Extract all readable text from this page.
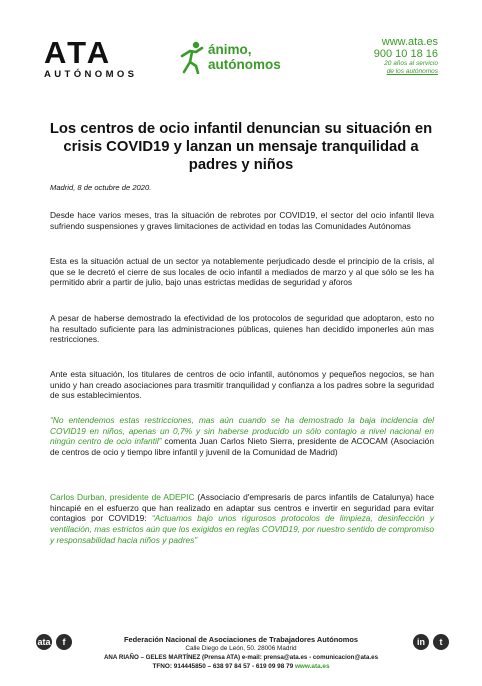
ATA
AUTÓNOMOS
ánimo,
autónomos
www.ata.es
900 10 18 16
20 años al servicio
de los autónomos
Los centros de ocio infantil denuncian su situación en crisis COVID19 y lanzan un mensaje tranquilidad a padres y niños
Madrid, 8 de octubre de 2020.
Desde hace varios meses, tras la situación de rebrotes por COVID19, el sector del ocio infantil lleva sufriendo suspensiones y graves limitaciones de actividad en todas las Comunidades Autónomas
Esta es la situación actual de un sector ya notablemente perjudicado desde el principio de la crisis, al que se le decretó el cierre de sus locales de ocio infantil a mediados de marzo y al que sólo se les ha permitido abrir a partir de julio, bajo unas estrictas medidas de seguridad y aforos
A pesar de haberse demostrado la efectividad de los protocolos de seguridad que adoptaron, esto no ha resultado suficiente para las administraciones públicas, quienes han decidido imponerles aún mas restricciones.
Ante esta situación, los titulares de centros de ocio infantil, autónomos y pequeños negocios, se han unido y han creado asociaciones para trasmitir tranquilidad y confianza a los padres sobre la seguridad de sus establecimientos.
“No entendemos estas restricciones, mas aún cuando se ha demostrado la baja incidencia del COVID19 en niños, apenas un 0,7% y sin haberse producido un sólo contagio a nivel nacional en ningún centro de ocio infantil” comenta Juan Carlos Nieto Sierra, presidente de ACOCAM (Asociación de centros de ocio y tiempo libre infantil y juvenil de la Comunidad de Madrid)
Carlos Durban, presidente de ADEPIC (Associacio d'empresaris de parcs infantils de Catalunya) hace hincapié en el esfuerzo que han realizado en adaptar sus centros e invertir en seguridad para evitar contagios por COVID19: “Actuamos bajo unos rigurosos protocolos de limpieza, desinfección y ventilación, mas estrictos aún que los exigidos en reglas COVID19, por nuestro sentido de compromiso y responsabilidad hacia niños y padres”
ata	f	in	t
Federación Nacional de Asociaciones de Trabajadores Autónomos
Calle Diego de León, 50. 28006 Madrid
ANA RIAÑO – GELES MARTÍNEZ (Prensa ATA) e-mail: prensa@ata.es - comunicacion@ata.es
TFNO: 914445850 – 638 97 84 57 - 619 09 98 79 www.ata.es
